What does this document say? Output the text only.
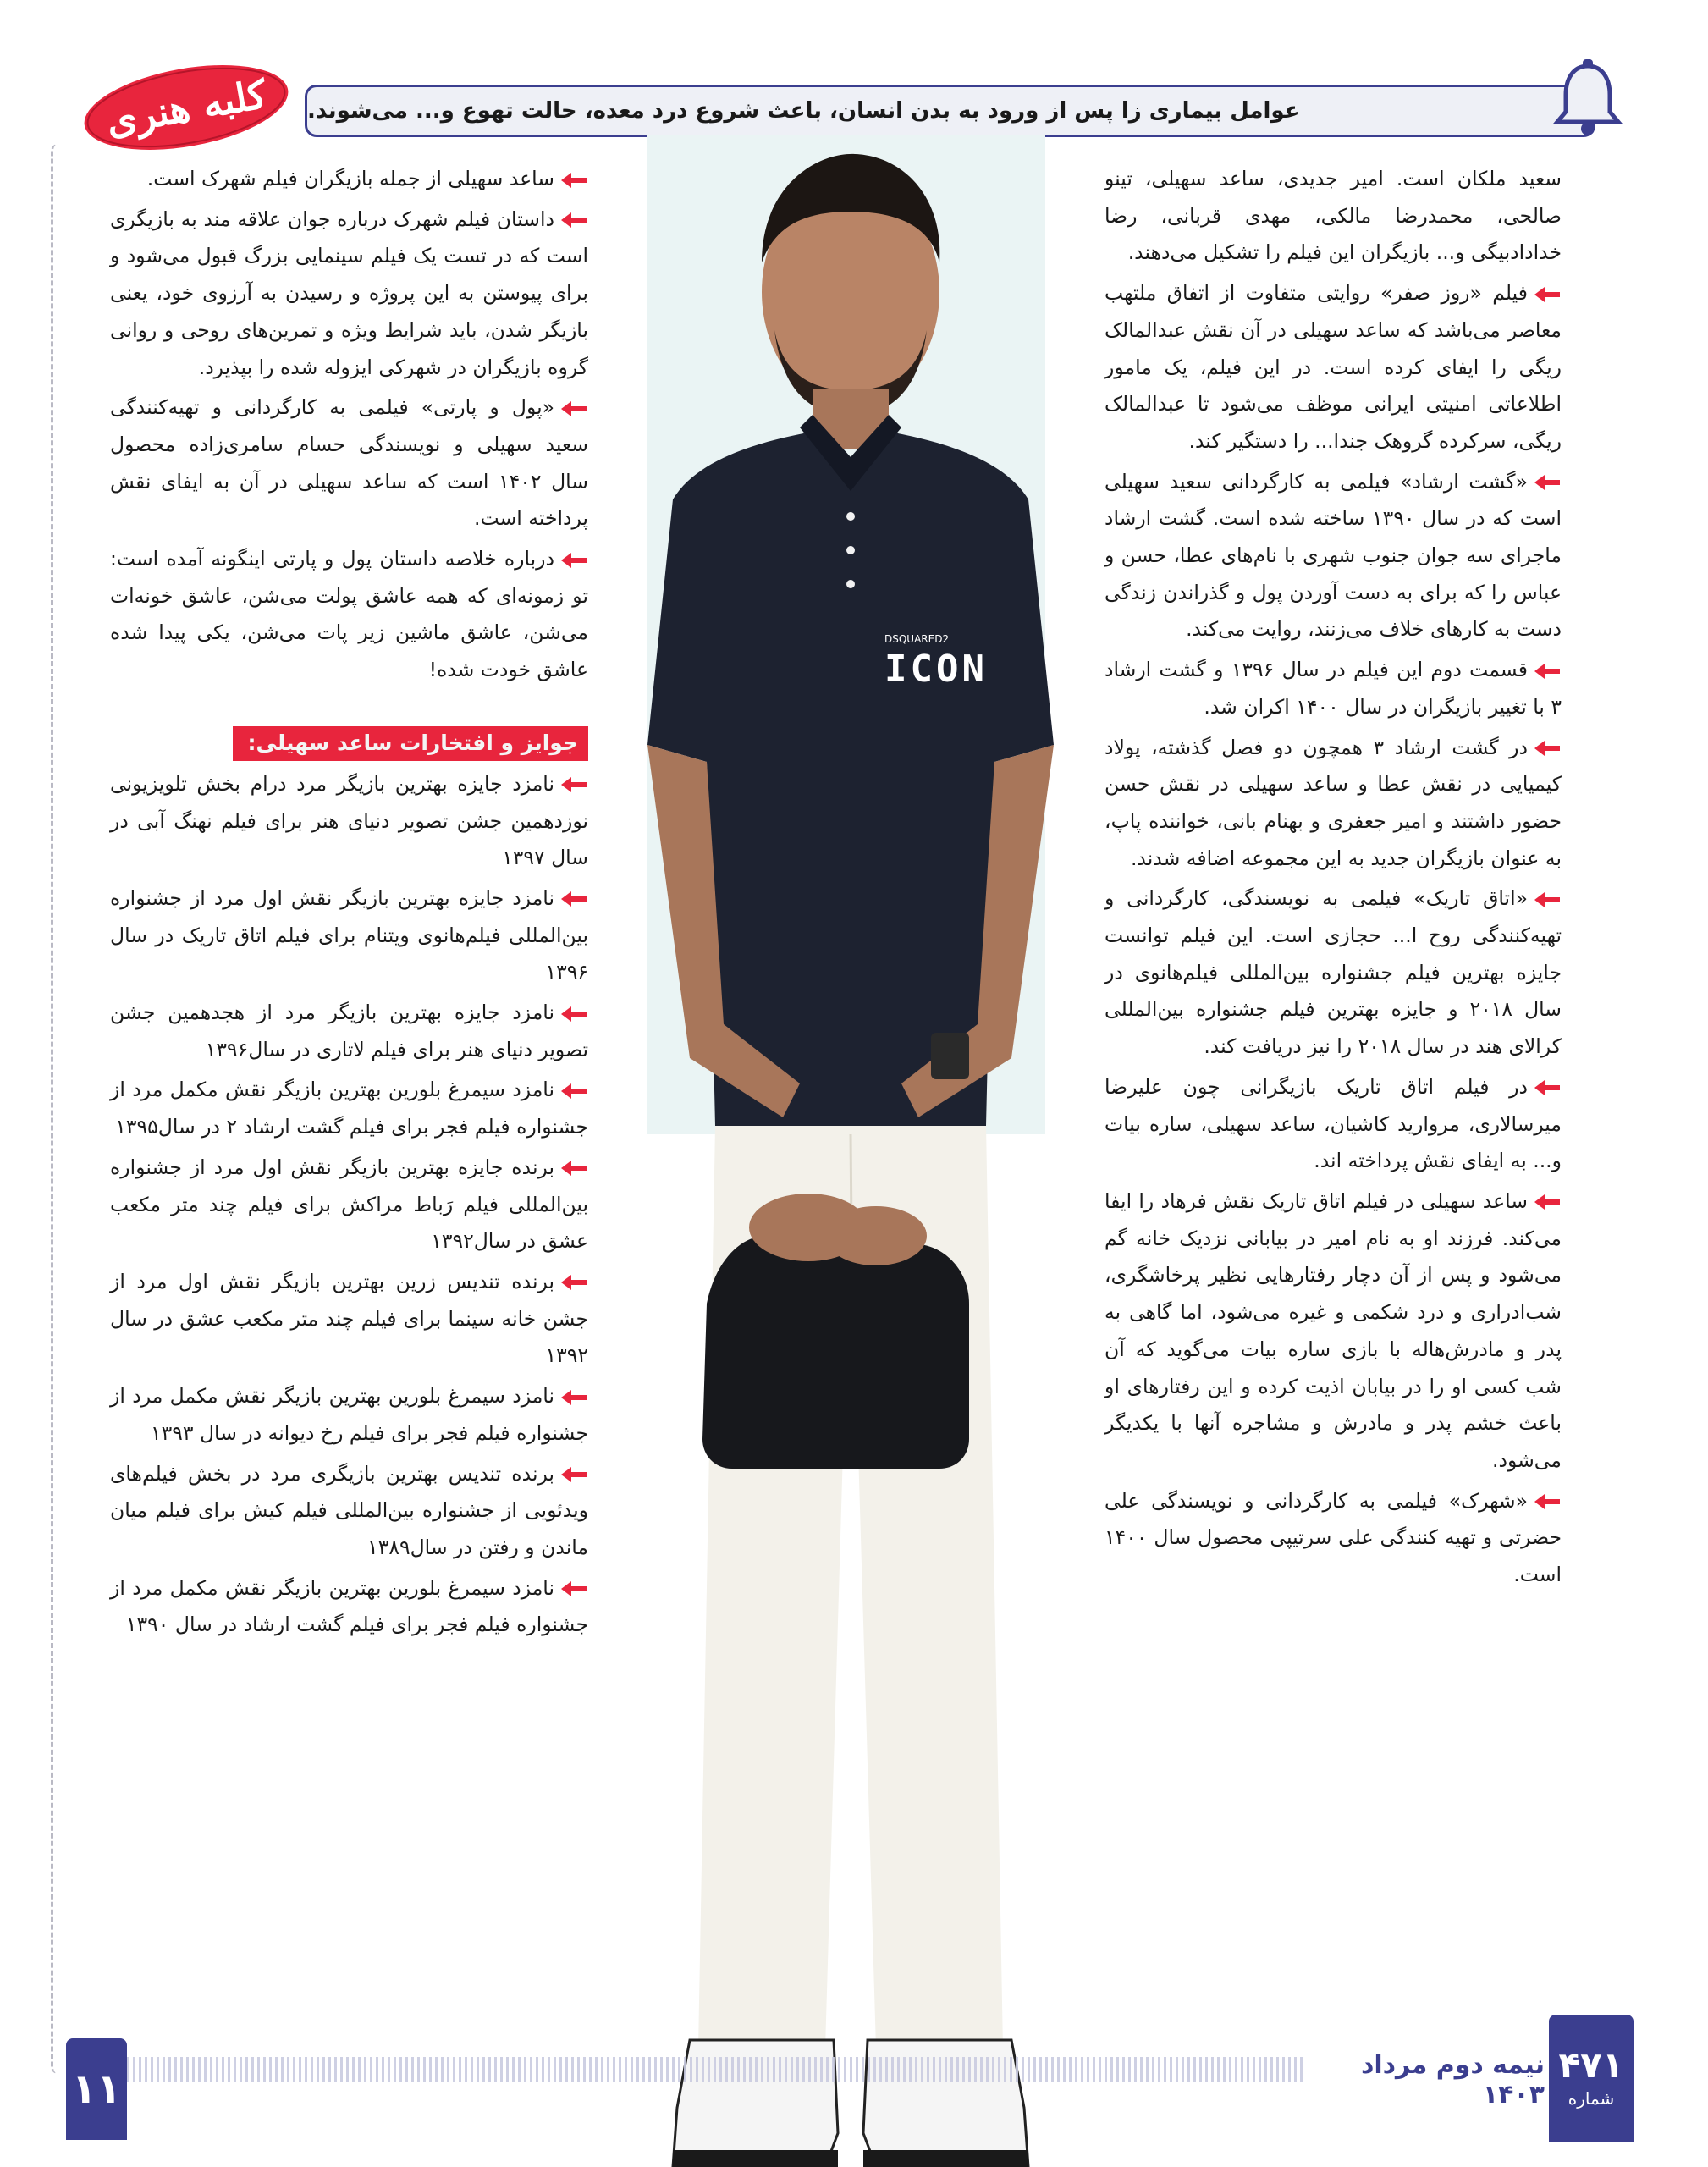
کلبه هنری	عوامل بیماری زا پس از ورود به بدن انسان، باعث شروع درد معده، حالت تهوع و... می‌شوند.

سعید ملکان است. امیر جدیدی، ساعد سهیلی، تینو صالحی، محمدرضا مالکی، مهدی قربانی، رضا خدادادبیگی و... بازیگران این فیلم را تشکیل می‌دهند.

فیلم «روز صفر» روایتی متفاوت از اتفاق ملتهب معاصر می‌باشد که ساعد سهیلی در آن نقش عبدالمالک ریگی را ایفای کرده است. در این فیلم، یک مامور اطلاعاتی امنیتی ایرانی موظف می‌شود تا عبدالمالک ریگی، سرکرده گروهک جندا... را دستگیر کند.

«گشت ارشاد» فیلمی به کارگردانی سعید سهیلی است که در سال ۱۳۹۰ ساخته شده است. گشت ارشاد ماجرای سه جوان جنوب شهری با نام‌های عطا، حسن و عباس را که برای به دست آوردن پول و گذراندن زندگی دست به کارهای خلاف می‌زنند، روایت می‌کند.

قسمت دوم این فیلم در سال ۱۳۹۶ و گشت ارشاد ۳ با تغییر بازیگران در سال ۱۴۰۰ اکران شد.

در گشت ارشاد ۳ همچون دو فصل گذشته، پولاد کیمیایی در نقش عطا و ساعد سهیلی در نقش حسن حضور داشتند و امیر جعفری و بهنام بانی، خواننده پاپ، به عنوان بازیگران جدید به این مجموعه اضافه شدند.

«اتاق تاریک» فیلمی به نویسندگی، کارگردانی و تهیه‌کنندگی روح ا... حجازی است. این فیلم توانست جایزه بهترین فیلم جشنواره بین‌المللی فیلم‌هانوی در سال ۲۰۱۸ و جایزه بهترین فیلم جشنواره بین‌المللی کرالای هند در سال ۲۰۱۸ را نیز دریافت کند.

در فیلم اتاق تاریک بازیگرانی چون علیرضا میرسالاری، مروارید کاشیان، ساعد سهیلی، ساره بیات و... به ایفای نقش پرداخته اند.

ساعد سهیلی در فیلم اتاق تاریک نقش فرهاد را ایفا می‌کند. فرزند او به نام امیر در بیابانی نزدیک خانه گم می‌شود و پس از آن دچار رفتارهایی نظیر پرخاشگری، شب‌ادراری و درد شکمی و غیره می‌شود، اما گاهی به پدر و مادرش‌هاله با بازی ساره بیات می‌گوید که آن شب کسی او را در بیابان اذیت کرده و این رفتارهای او باعث خشم پدر و مادرش و مشاجره آنها با یکدیگر می‌شود.

«شهرک» فیلمی به کارگردانی و نویسندگی علی حضرتی و تهیه کنندگی علی سرتیپی محصول سال ۱۴۰۰ است.

ساعد سهیلی از جمله بازیگران فیلم شهرک است.

داستان فیلم شهرک درباره جوان علاقه مند به بازیگری است که در تست یک فیلم سینمایی بزرگ قبول می‌شود و برای پیوستن به این پروژه و رسیدن به آرزوی خود، یعنی بازیگر شدن، باید شرایط ویژه و تمرین‌های روحی و روانی گروه بازیگران در شهرکی ایزوله شده را بپذیرد.

«پول و پارتی» فیلمی به کارگردانی و تهیه‌کنندگی سعید سهیلی و نویسندگی حسام سامری‌زاده محصول سال ۱۴۰۲ است که ساعد سهیلی در آن به ایفای نقش پرداخته است.

درباره خلاصه داستان پول و پارتی اینگونه آمده است: تو زمونه‌ای که همه عاشق پولت می‌شن، عاشق خونه‌ات می‌شن، عاشق ماشین زیر پات می‌شن، یکی پیدا شده عاشق خودت شده!

جوایز و افتخارات ساعد سهیلی:

نامزد جایزه بهترین بازیگر مرد درام بخش تلویزیونی نوزدهمین جشن تصویر دنیای هنر برای فیلم نهنگ آبی در سال ۱۳۹۷

نامزد جایزه بهترین بازیگر نقش اول مرد از جشنواره بین‌المللی فیلم‌هانوی ویتنام برای فیلم اتاق تاریک در سال ۱۳۹۶

نامزد جایزه بهترین بازیگر مرد از هجدهمین جشن تصویر دنیای هنر برای فیلم لاتاری در سال۱۳۹۶

نامزد سیمرغ بلورین بهترین بازیگر نقش مکمل مرد از جشنواره فیلم فجر برای فیلم گشت ارشاد ۲ در سال۱۳۹۵

برنده جایزه بهترین بازیگر نقش اول مرد از جشنواره بین‌المللی فیلم رَباط مراکش برای فیلم چند متر مکعب عشق در سال۱۳۹۲

برنده تندیس زرین بهترین بازیگر نقش اول مرد از جشن خانه سینما برای فیلم چند متر مکعب عشق در سال ۱۳۹۲

نامزد سیمرغ بلورین بهترین بازیگر نقش مکمل مرد از جشنواره فیلم فجر برای فیلم رخ دیوانه در سال ۱۳۹۳

برنده تندیس بهترین بازیگری مرد در بخش فیلم‌های ویدئویی از جشنواره بین‌المللی فیلم کیش برای فیلم میان ماندن و رفتن در سال۱۳۸۹

نامزد سیمرغ بلورین بهترین بازیگر نقش مکمل مرد از جشنواره فیلم فجر برای فیلم گشت ارشاد در سال ۱۳۹۰

DSQUARED2
ICON
۱۱
نیمه دوم مرداد ۱۴۰۳
۴۷۱
شماره
